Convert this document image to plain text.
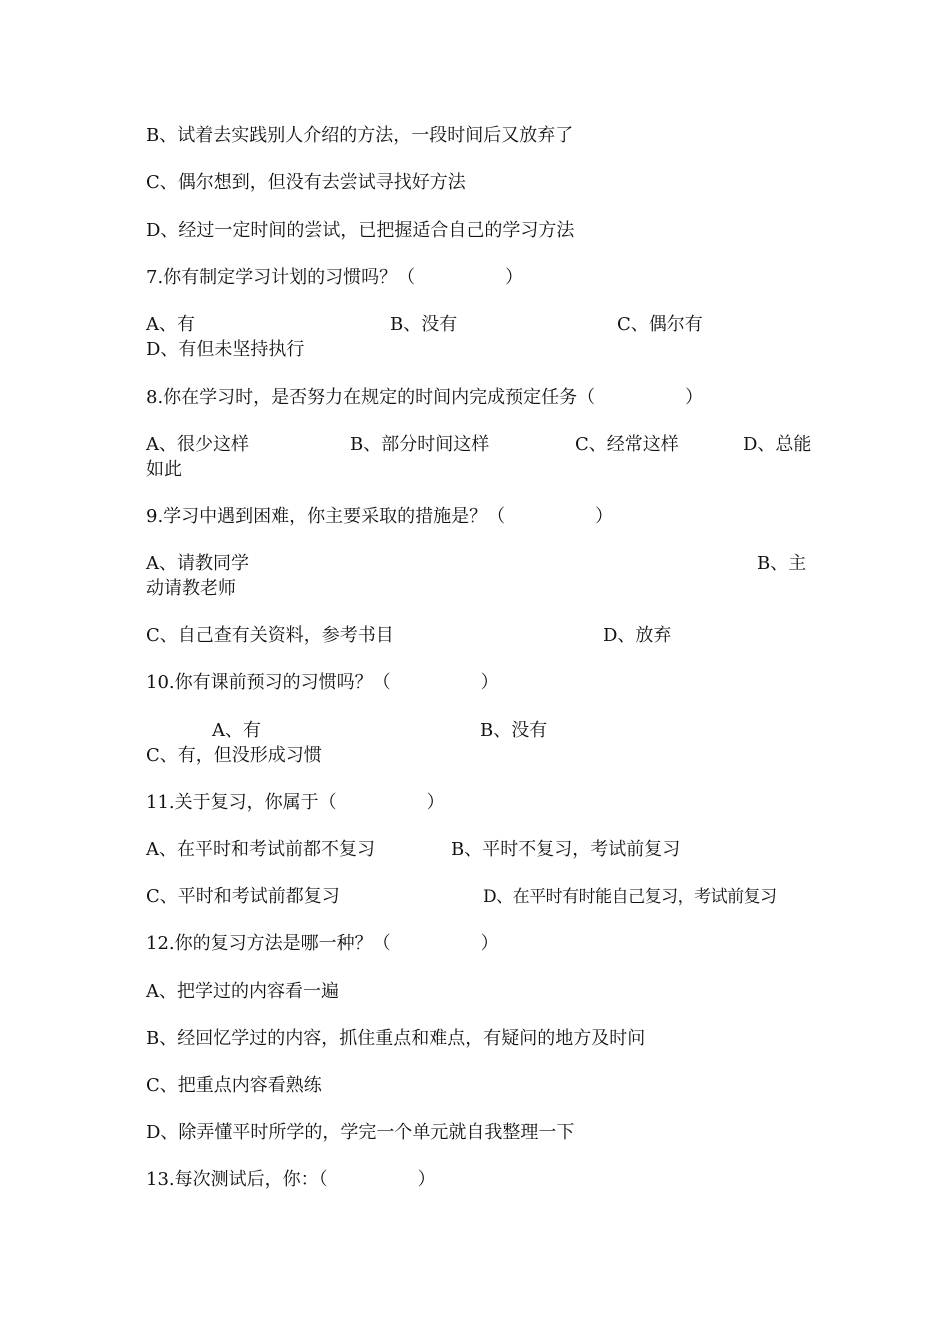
B、试着去实践别人介绍的方法，一段时间后又放弃了
C、偶尔想到，但没有去尝试寻找好方法
D、经过一定时间的尝试，已把握适合自己的学习方法
7.你有制定学习计划的习惯吗？（　　　　　）
A、有	B、没有	C、偶尔有
D、有但未坚持执行
8.你在学习时，是否努力在规定的时间内完成预定任务（　　　　　）
A、很少这样	B、部分时间这样	C、经常这样	D、总能
如此
9.学习中遇到困难，你主要采取的措施是？（　　　　　）
A、请教同学	B、主
动请教老师
C、自己查有关资料，参考书目	D、放弃
10.你有课前预习的习惯吗？（　　　　　）
A、有	B、没有
C、有，但没形成习惯
11.关于复习，你属于（　　　　　）
A、在平时和考试前都不复习	B、平时不复习，考试前复习
C、平时和考试前都复习	D、在平时有时能自己复习，考试前复习
12.你的复习方法是哪一种？（　　　　　）
A、把学过的内容看一遍
B、经回忆学过的内容，抓住重点和难点，有疑问的地方及时问
C、把重点内容看熟练
D、除弄懂平时所学的，学完一个单元就自我整理一下
13.每次测试后，你：（　　　　　）
